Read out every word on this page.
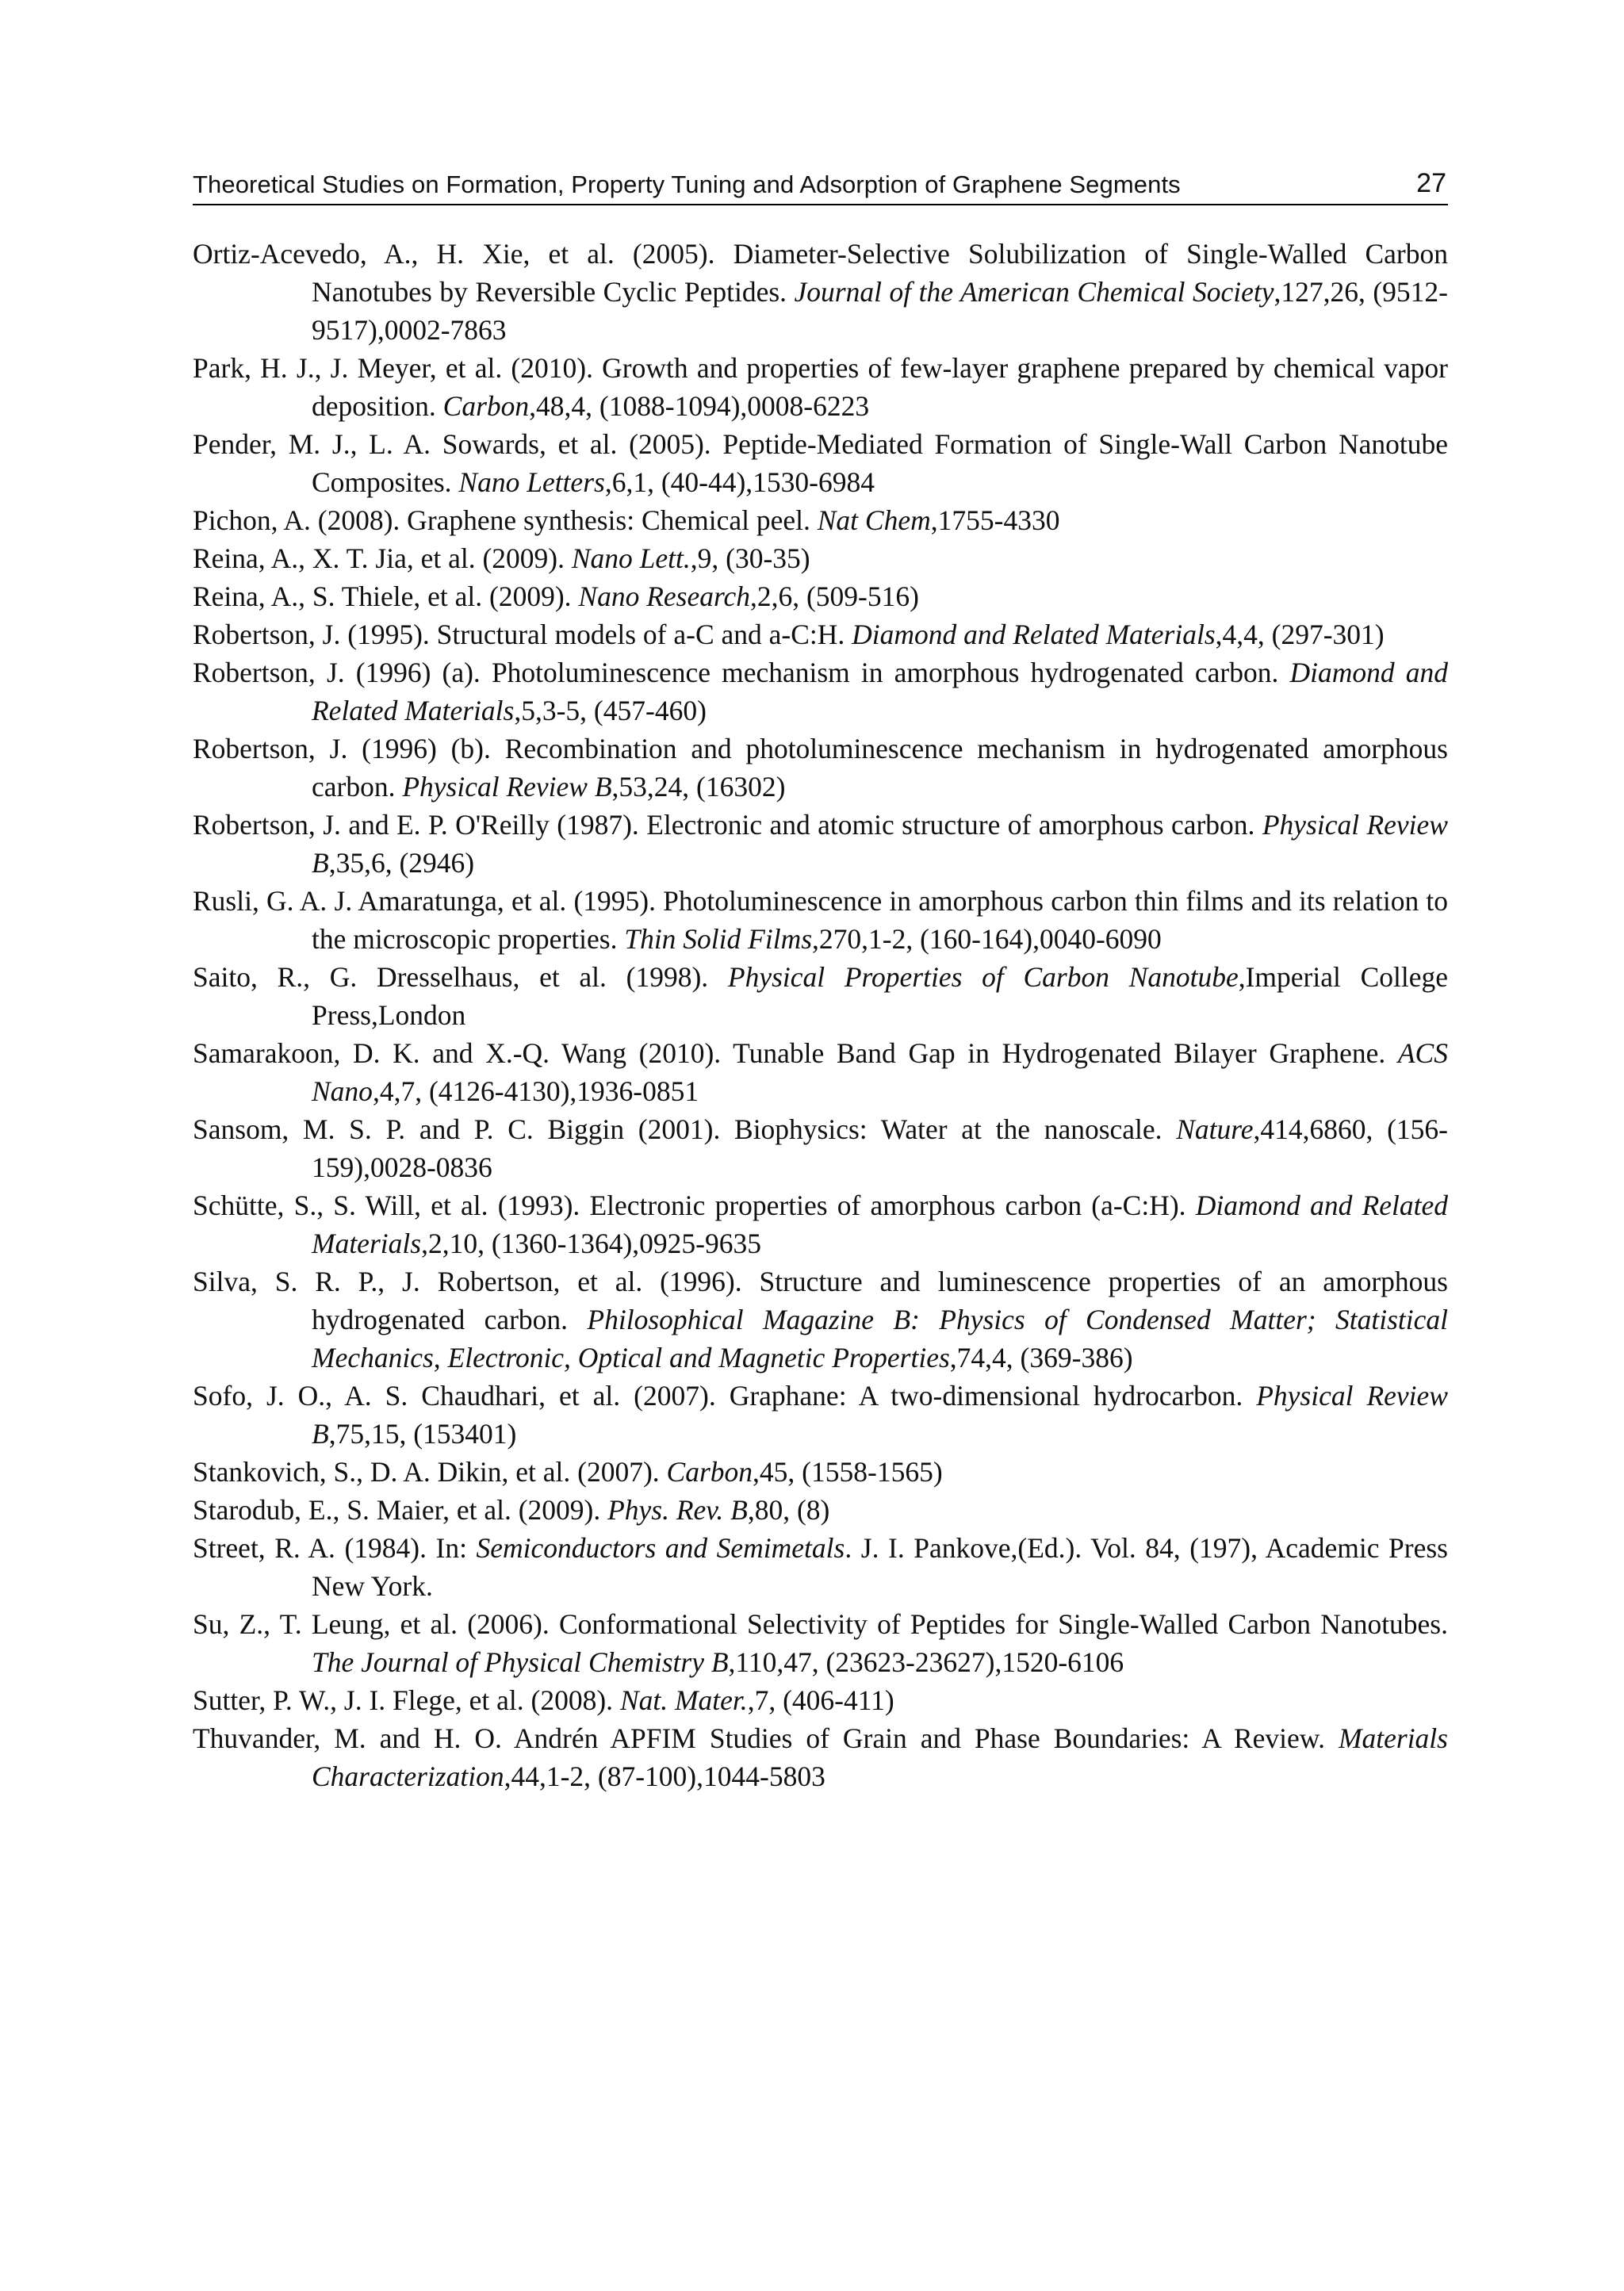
Theoretical Studies on Formation, Property Tuning and Adsorption of Graphene Segments	27

Ortiz-Acevedo, A., H. Xie, et al. (2005). Diameter-Selective Solubilization of Single-Walled Carbon Nanotubes by Reversible Cyclic Peptides. Journal of the American Chemical Society,127,26, (9512-9517),0002-7863

Park, H. J., J. Meyer, et al. (2010). Growth and properties of few-layer graphene prepared by chemical vapor deposition. Carbon,48,4, (1088-1094),0008-6223

Pender, M. J., L. A. Sowards, et al. (2005). Peptide-Mediated Formation of Single-Wall Carbon Nanotube Composites. Nano Letters,6,1, (40-44),1530-6984

Pichon, A. (2008). Graphene synthesis: Chemical peel. Nat Chem,1755-4330

Reina, A., X. T. Jia, et al. (2009). Nano Lett.,9, (30-35)

Reina, A., S. Thiele, et al. (2009). Nano Research,2,6, (509-516)

Robertson, J. (1995). Structural models of a-C and a-C:H. Diamond and Related Materials,4,4, (297-301)

Robertson, J. (1996) (a). Photoluminescence mechanism in amorphous hydrogenated carbon. Diamond and Related Materials,5,3-5, (457-460)

Robertson, J. (1996) (b). Recombination and photoluminescence mechanism in hydrogenated amorphous carbon. Physical Review B,53,24, (16302)

Robertson, J. and E. P. O'Reilly (1987). Electronic and atomic structure of amorphous carbon. Physical Review B,35,6, (2946)

Rusli, G. A. J. Amaratunga, et al. (1995). Photoluminescence in amorphous carbon thin films and its relation to the microscopic properties. Thin Solid Films,270,1-2, (160-164),0040-6090

Saito, R., G. Dresselhaus, et al. (1998). Physical Properties of Carbon Nanotube,Imperial College Press,London

Samarakoon, D. K. and X.-Q. Wang (2010). Tunable Band Gap in Hydrogenated Bilayer Graphene. ACS Nano,4,7, (4126-4130),1936-0851

Sansom, M. S. P. and P. C. Biggin (2001). Biophysics: Water at the nanoscale. Nature,414,6860, (156-159),0028-0836

Schütte, S., S. Will, et al. (1993). Electronic properties of amorphous carbon (a-C:H). Diamond and Related Materials,2,10, (1360-1364),0925-9635

Silva, S. R. P., J. Robertson, et al. (1996). Structure and luminescence properties of an amorphous hydrogenated carbon. Philosophical Magazine B: Physics of Condensed Matter; Statistical Mechanics, Electronic, Optical and Magnetic Properties,74,4, (369-386)

Sofo, J. O., A. S. Chaudhari, et al. (2007). Graphane: A two-dimensional hydrocarbon. Physical Review B,75,15, (153401)

Stankovich, S., D. A. Dikin, et al. (2007). Carbon,45, (1558-1565)

Starodub, E., S. Maier, et al. (2009). Phys. Rev. B,80, (8)

Street, R. A. (1984). In: Semiconductors and Semimetals. J. I. Pankove,(Ed.). Vol. 84, (197), Academic Press New York.

Su, Z., T. Leung, et al. (2006). Conformational Selectivity of Peptides for Single-Walled Carbon Nanotubes. The Journal of Physical Chemistry B,110,47, (23623-23627),1520-6106

Sutter, P. W., J. I. Flege, et al. (2008). Nat. Mater.,7, (406-411)

Thuvander, M. and H. O. Andrén APFIM Studies of Grain and Phase Boundaries: A Review. Materials Characterization,44,1-2, (87-100),1044-5803
